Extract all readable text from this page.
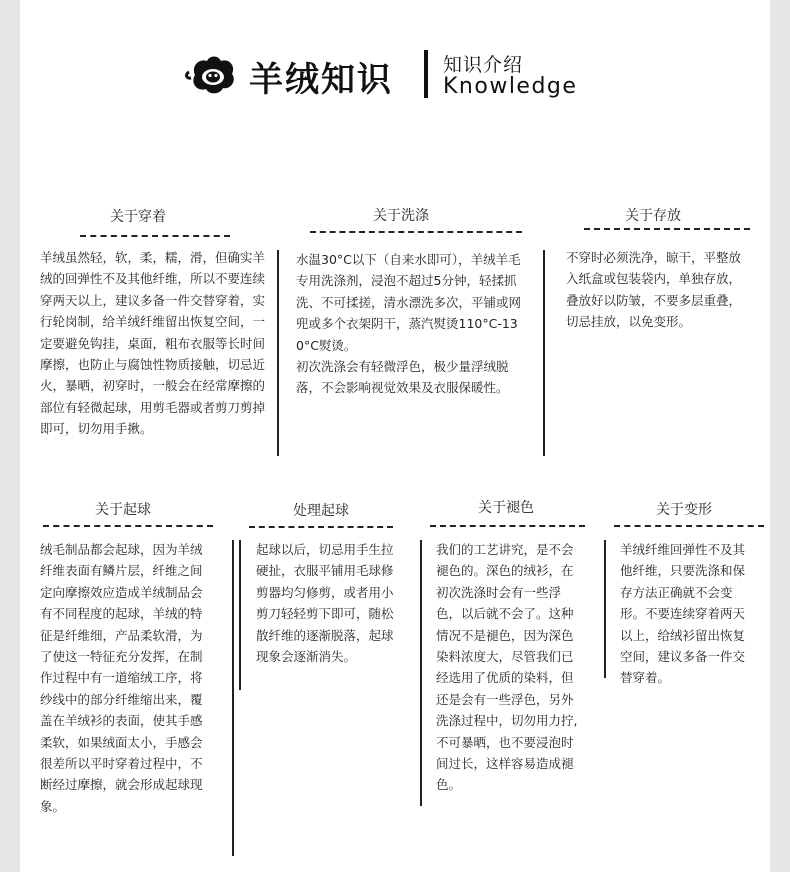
羊绒知识	知识介绍
Knowledge
关于穿着
羊绒虽然轻，软，柔，糯，滑，但确实羊绒的回弹性不及其他纤维，所以不要连续穿两天以上，建议多备一件交替穿着，实行轮岗制，给羊绒纤维留出恢复空间，一定要避免钩挂，桌面，粗布衣服等长时间摩擦，也防止与腐蚀性物质接触，切忌近火，暴晒，初穿时，一般会在经常摩擦的部位有轻微起球，用剪毛器或者剪刀剪掉即可，切勿用手揪。
关于洗涤

水温30°C以下（自来水即可），羊绒羊毛专用洗涤剂，浸泡不超过5分钟，轻揉抓洗、不可揉搓，清水漂洗多次，平铺或网兜或多个衣架阴干，蒸汽熨烫110°C-130°C熨烫。

初次洗涤会有轻微浮色，极少量浮绒脱落，不会影响视觉效果及衣服保暖性。

关于存放
不穿时必须洗净，晾干，平整放入纸盒或包装袋内，单独存放，叠放好以防皱，不要多层重叠，切忌挂放，以免变形。
关于起球
绒毛制品都会起球，因为羊绒纤维表面有鳞片层，纤维之间定向摩擦效应造成羊绒制品会有不同程度的起球，羊绒的特征是纤维细，产品柔软滑，为了使这一特征充分发挥，在制作过程中有一道缩绒工序，将纱线中的部分纤维缩出来，覆盖在羊绒衫的表面，使其手感柔软，如果绒面太小，手感会很差所以平时穿着过程中，不断经过摩擦，就会形成起球现象。
处理起球
起球以后，切忌用手生拉硬扯，衣服平铺用毛球修剪器均匀修剪，或者用小剪刀轻轻剪下即可，随松散纤维的逐渐脱落，起球现象会逐渐消失。
关于褪色
我们的工艺讲究，是不会褪色的。深色的绒衫，在初次洗涤时会有一些浮色，以后就不会了。这种情况不是褪色，因为深色染料浓度大，尽管我们已经选用了优质的染料，但还是会有一些浮色，另外洗涤过程中，切勿用力拧,不可暴晒，也不要浸泡时间过长，这样容易造成褪色。
关于变形
羊绒纤维回弹性不及其他纤维，只要洗涤和保存方法正确就不会变形。不要连续穿着两天以上，给绒衫留出恢复空间，建议多备一件交替穿着。
